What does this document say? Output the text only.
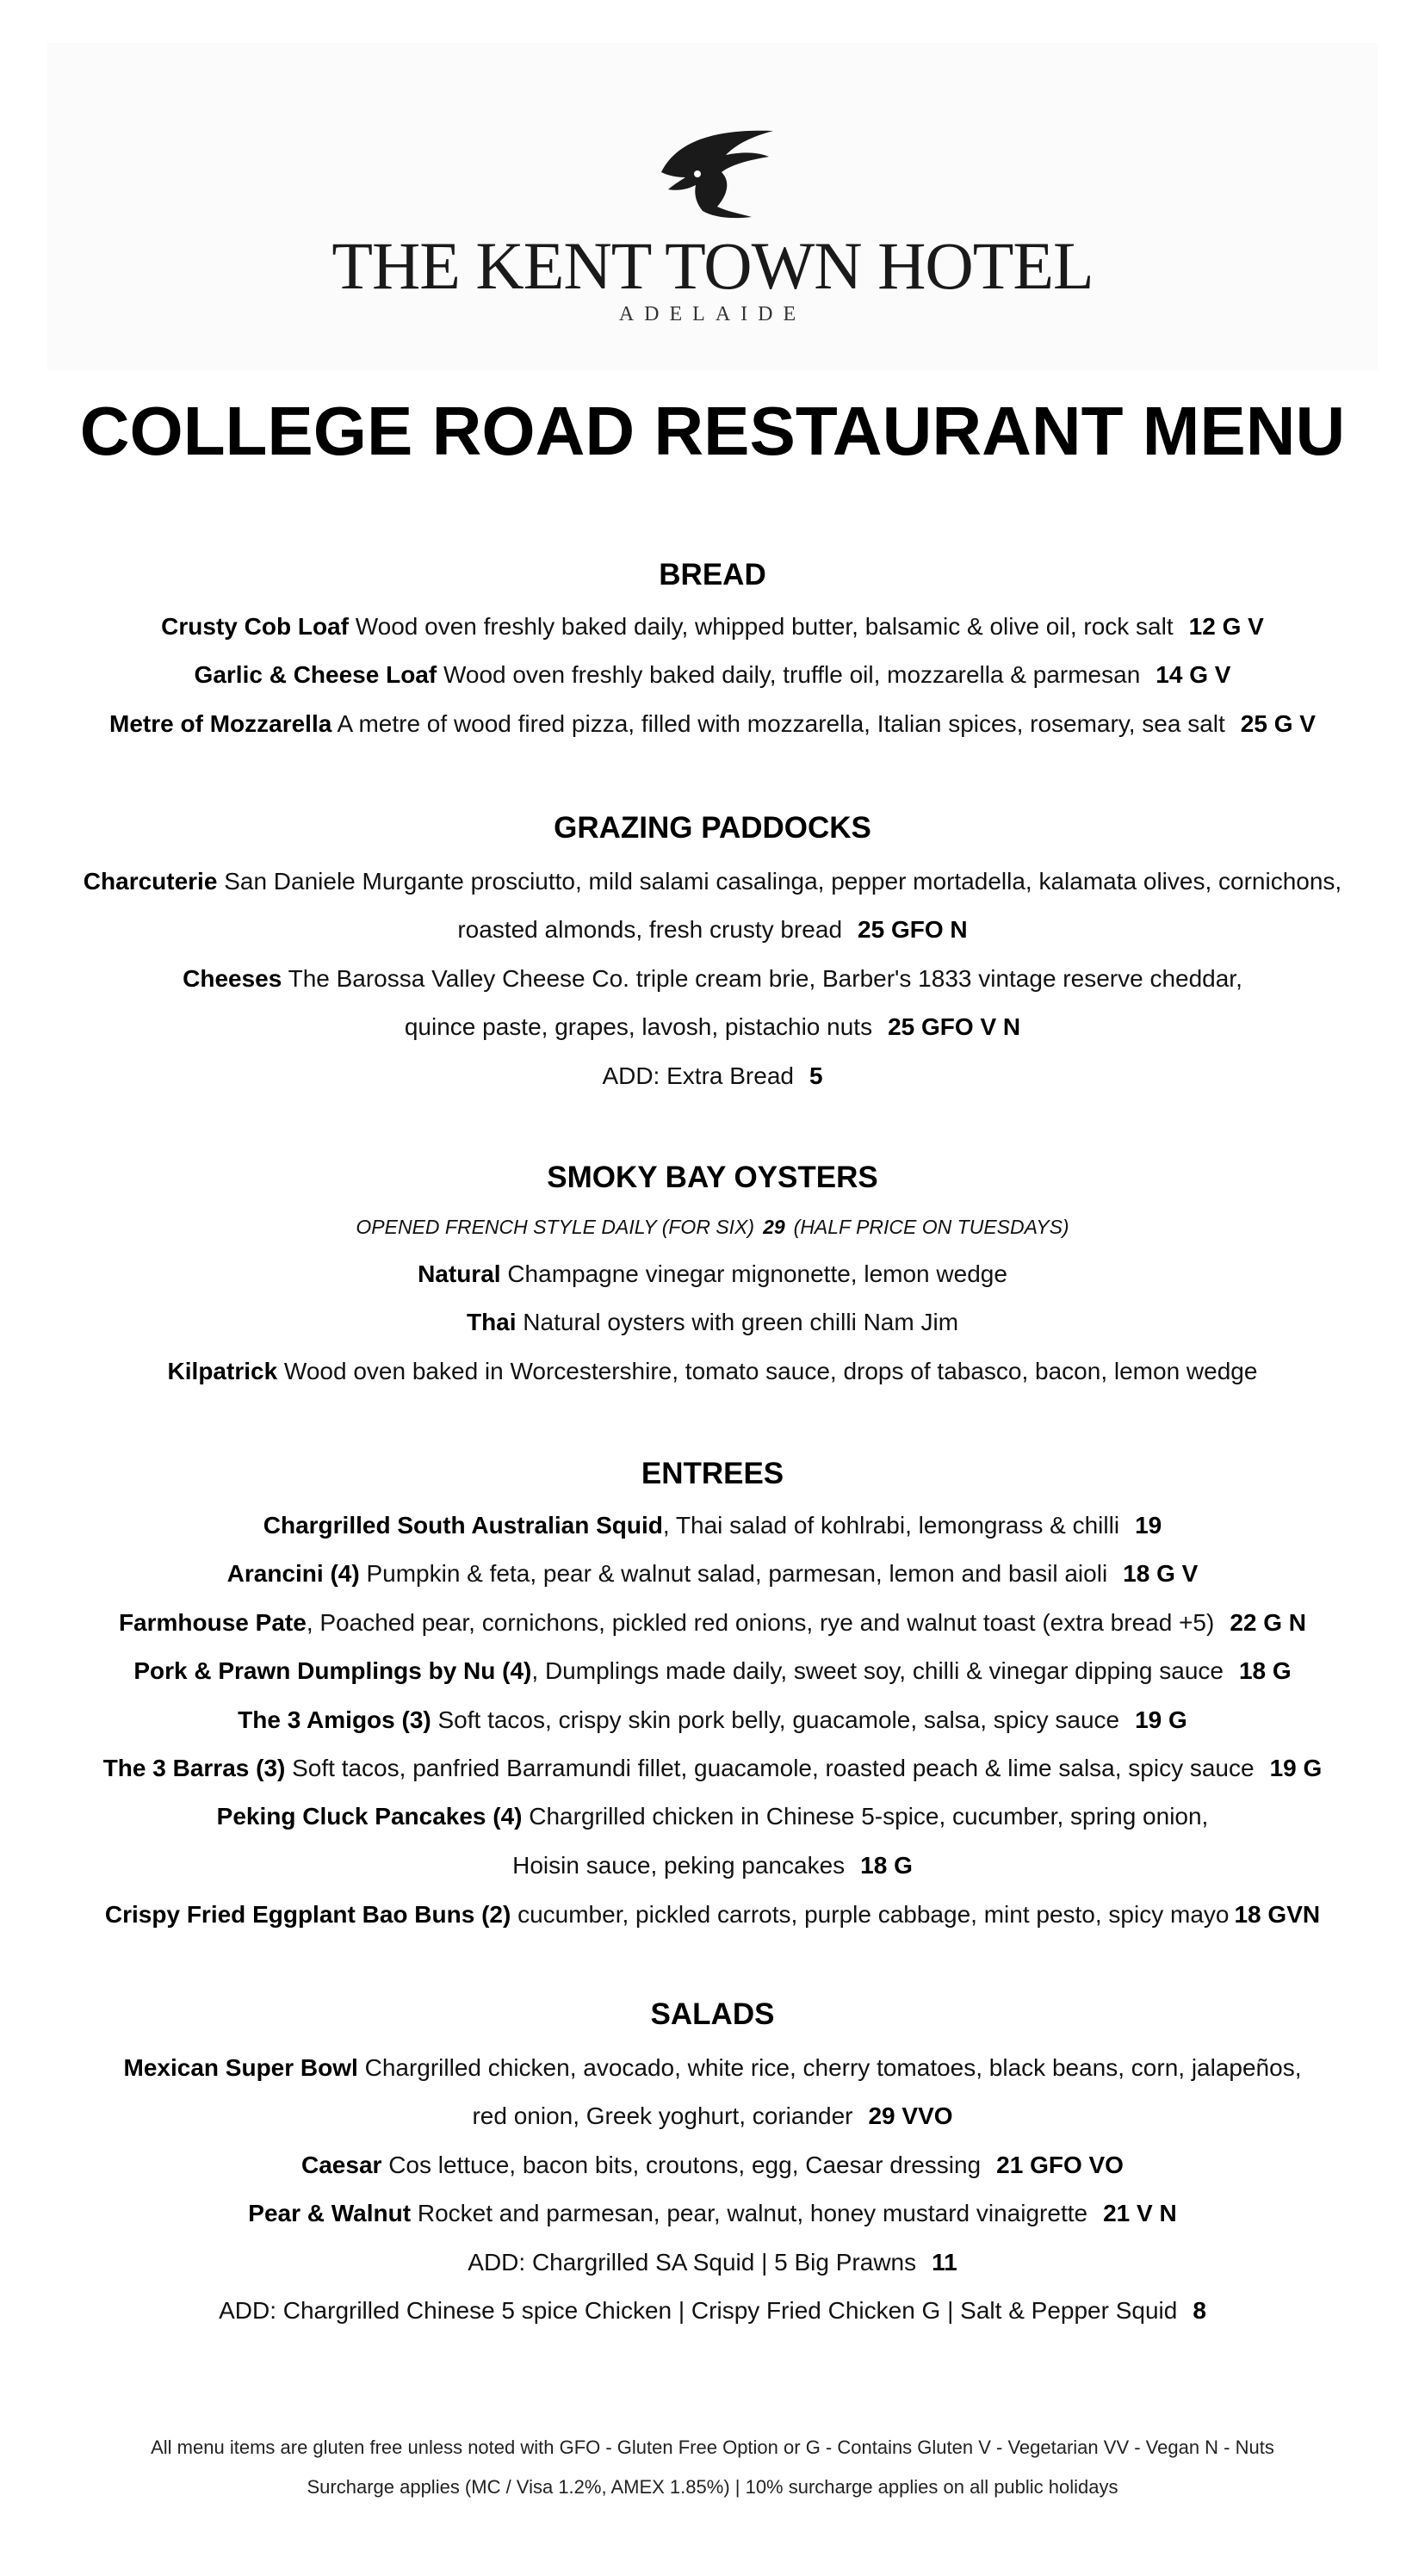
THE KENT TOWN HOTEL
ADELAIDE
COLLEGE ROAD RESTAURANT MENU
BREAD
Crusty Cob Loaf Wood oven freshly baked daily, whipped butter, balsamic & olive oil, rock salt 12 G V
Garlic & Cheese Loaf Wood oven freshly baked daily, truffle oil, mozzarella & parmesan 14 G V
Metre of Mozzarella A metre of wood fired pizza, filled with mozzarella, Italian spices, rosemary, sea salt 25 G V
GRAZING PADDOCKS
Charcuterie San Daniele Murgante prosciutto, mild salami casalinga, pepper mortadella, kalamata olives, cornichons,
roasted almonds, fresh crusty bread 25 GFO N
Cheeses The Barossa Valley Cheese Co. triple cream brie, Barber's 1833 vintage reserve cheddar,
quince paste, grapes, lavosh, pistachio nuts 25 GFO V N
ADD: Extra Bread 5
SMOKY BAY OYSTERS
OPENED FRENCH STYLE DAILY (FOR SIX) 29 (HALF PRICE ON TUESDAYS)
Natural Champagne vinegar mignonette, lemon wedge
Thai Natural oysters with green chilli Nam Jim
Kilpatrick Wood oven baked in Worcestershire, tomato sauce, drops of tabasco, bacon, lemon wedge
ENTREES
Chargrilled South Australian Squid, Thai salad of kohlrabi, lemongrass & chilli 19
Arancini (4) Pumpkin & feta, pear & walnut salad, parmesan, lemon and basil aioli 18 G V
Farmhouse Pate, Poached pear, cornichons, pickled red onions, rye and walnut toast (extra bread +5) 22 G N
Pork & Prawn Dumplings by Nu (4), Dumplings made daily, sweet soy, chilli & vinegar dipping sauce 18 G
The 3 Amigos (3) Soft tacos, crispy skin pork belly, guacamole, salsa, spicy sauce 19 G
The 3 Barras (3) Soft tacos, panfried Barramundi fillet, guacamole, roasted peach & lime salsa, spicy sauce 19 G
Peking Cluck Pancakes (4) Chargrilled chicken in Chinese 5-spice, cucumber, spring onion,
Hoisin sauce, peking pancakes 18 G
Crispy Fried Eggplant Bao Buns (2) cucumber, pickled carrots, purple cabbage, mint pesto, spicy mayo 18 GVN
SALADS
Mexican Super Bowl Chargrilled chicken, avocado, white rice, cherry tomatoes, black beans, corn, jalapeños,
red onion, Greek yoghurt, coriander 29 VVO
Caesar Cos lettuce, bacon bits, croutons, egg, Caesar dressing 21 GFO VO
Pear & Walnut Rocket and parmesan, pear, walnut, honey mustard vinaigrette 21 V N
ADD: Chargrilled SA Squid | 5 Big Prawns 11
ADD: Chargrilled Chinese 5 spice Chicken | Crispy Fried Chicken G | Salt & Pepper Squid 8
All menu items are gluten free unless noted with GFO - Gluten Free Option or G - Contains Gluten V - Vegetarian VV - Vegan N - Nuts
Surcharge applies (MC / Visa 1.2%, AMEX 1.85%) | 10% surcharge applies on all public holidays
